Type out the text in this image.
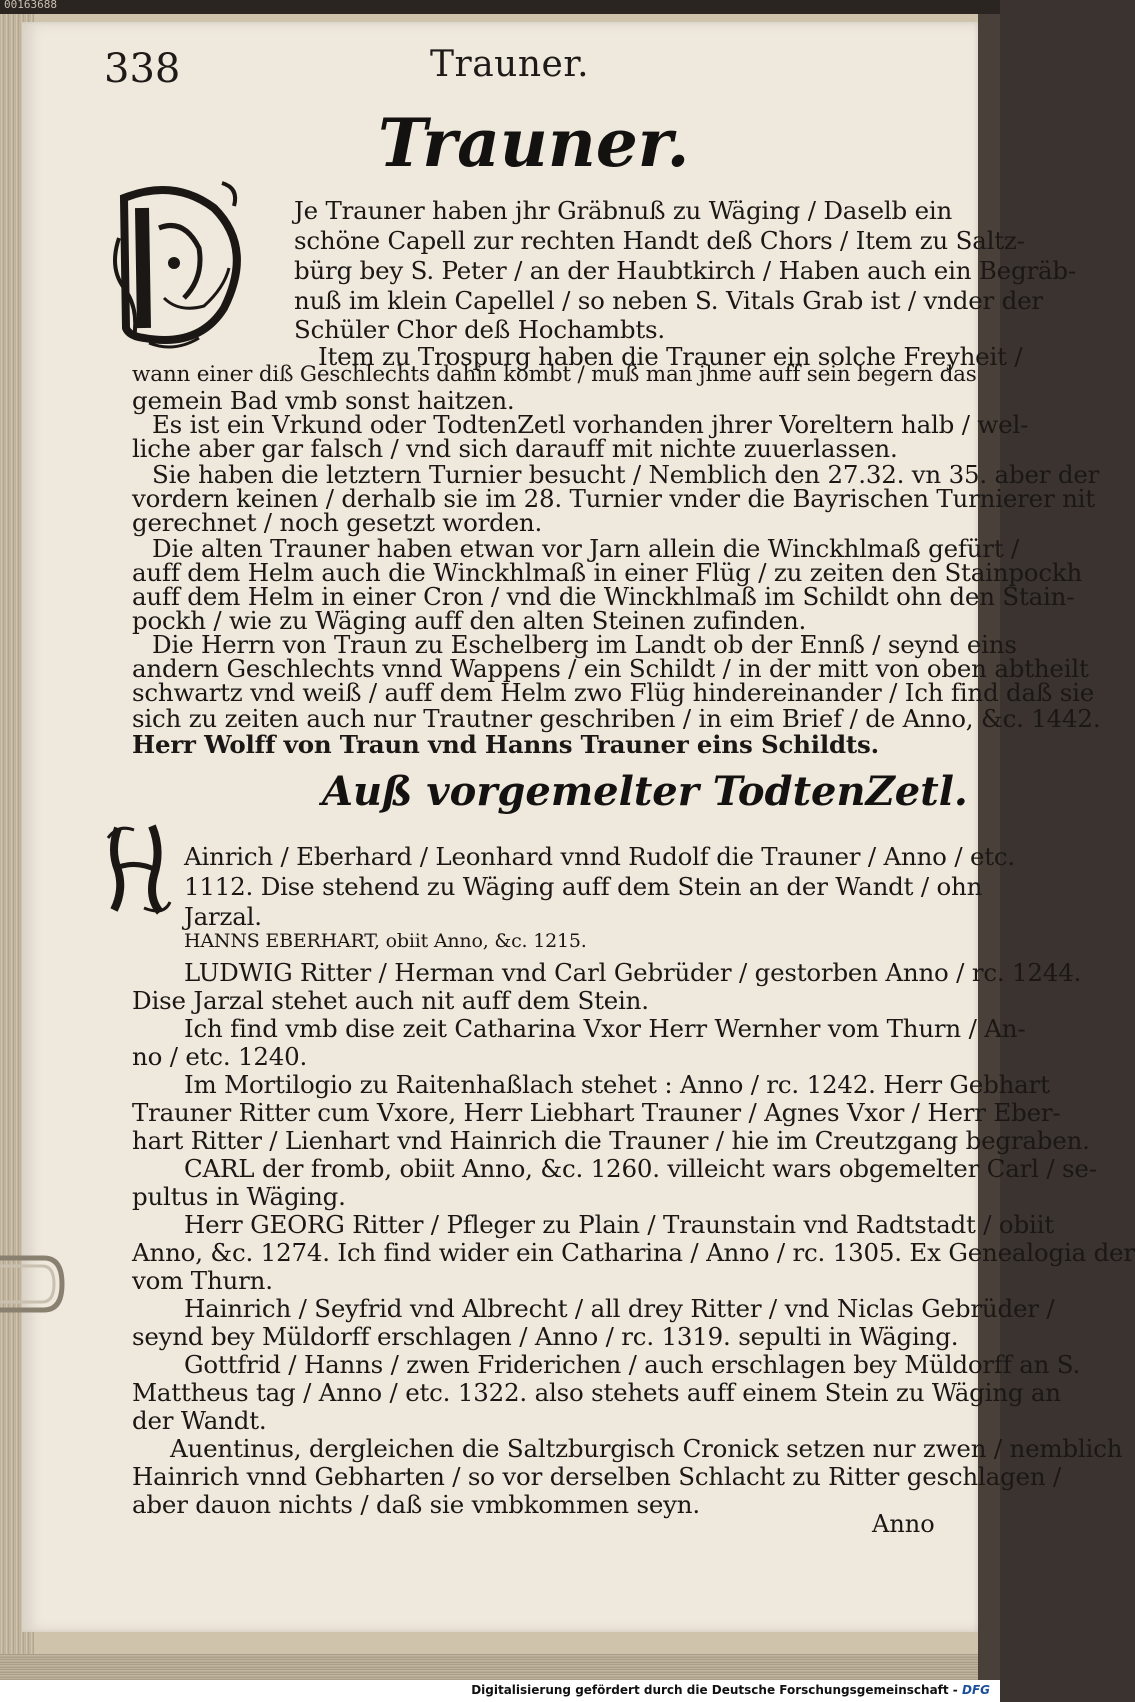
00163688
338	Trauner.
Trauner.
Je Trauner haben jhr Gräbnuß zu Wäging / Daselb ein
schöne Capell zur rechten Handt deß Chors / Item zu Saltz-
bürg bey S. Peter / an der Haubtkirch / Haben auch ein Begräb-
nuß im klein Capellel / so neben S. Vitals Grab ist / vnder der
Schüler Chor deß Hochambts.
Item zu Trospurg haben die Trauner ein solche Freyheit /
wann einer diß Geschlechts dahin kombt / muß man jhme auff sein begern das
gemein Bad vmb sonst haitzen.
Es ist ein Vrkund oder TodtenZetl vorhanden jhrer Voreltern halb / wel-
liche aber gar falsch / vnd sich darauff mit nichte zuuerlassen.
Sie haben die letztern Turnier besucht / Nemblich den 27.32. vn 35. aber der
vordern keinen / derhalb sie im 28. Turnier vnder die Bayrischen Turnierer nit
gerechnet / noch gesetzt worden.
Die alten Trauner haben etwan vor Jarn allein die Winckhlmaß gefürt /
auff dem Helm auch die Winckhlmaß in einer Flüg / zu zeiten den Stainpockh
auff dem Helm in einer Cron / vnd die Winckhlmaß im Schildt ohn den Stain-
pockh / wie zu Wäging auff den alten Steinen zufinden.
Die Herrn von Traun zu Eschelberg im Landt ob der Ennß / seynd eins
andern Geschlechts vnnd Wappens / ein Schildt / in der mitt von oben abtheilt
schwartz vnd weiß / auff dem Helm zwo Flüg hindereinander / Ich find daß sie
sich zu zeiten auch nur Trautner geschriben / in eim Brief / de Anno, &c. 1442.
Herr Wolff von Traun vnd Hanns Trauner eins Schildts.
Auß vorgemelter TodtenZetl.
Ainrich / Eberhard / Leonhard vnnd Rudolf die Trauner / Anno / etc.
1112. Dise stehend zu Wäging auff dem Stein an der Wandt / ohn
Jarzal.
HANNS EBERHART, obiit Anno, &c. 1215.
LUDWIG Ritter / Herman vnd Carl Gebrüder / gestorben Anno / rc. 1244.
Dise Jarzal stehet auch nit auff dem Stein.
Ich find vmb dise zeit Catharina Vxor Herr Wernher vom Thurn / An-
no / etc. 1240.
Im Mortilogio zu Raitenhaßlach stehet : Anno / rc. 1242. Herr Gebhart
Trauner Ritter cum Vxore, Herr Liebhart Trauner / Agnes Vxor / Herr Eber-
hart Ritter / Lienhart vnd Hainrich die Trauner / hie im Creutzgang begraben.
CARL der fromb, obiit Anno, &c. 1260. villeicht wars obgemelter Carl / se-
pultus in Wäging.
Herr GEORG Ritter / Pfleger zu Plain / Traunstain vnd Radtstadt / obiit
Anno, &c. 1274. Ich find wider ein Catharina / Anno / rc. 1305. Ex Genealogia der
vom Thurn.
Hainrich / Seyfrid vnd Albrecht / all drey Ritter / vnd Niclas Gebrüder /
seynd bey Müldorff erschlagen / Anno / rc. 1319. sepulti in Wäging.
Gottfrid / Hanns / zwen Friderichen / auch erschlagen bey Müldorff an S.
Mattheus tag / Anno / etc. 1322. also stehets auff einem Stein zu Wäging an
der Wandt.
Auentinus, dergleichen die Saltzburgisch Cronick setzen nur zwen / nemblich
Hainrich vnnd Gebharten / so vor derselben Schlacht zu Ritter geschlagen /
aber dauon nichts / daß sie vmbkommen seyn.
Anno
Digitalisierung gefördert durch die Deutsche Forschungsgemeinschaft - DFG
